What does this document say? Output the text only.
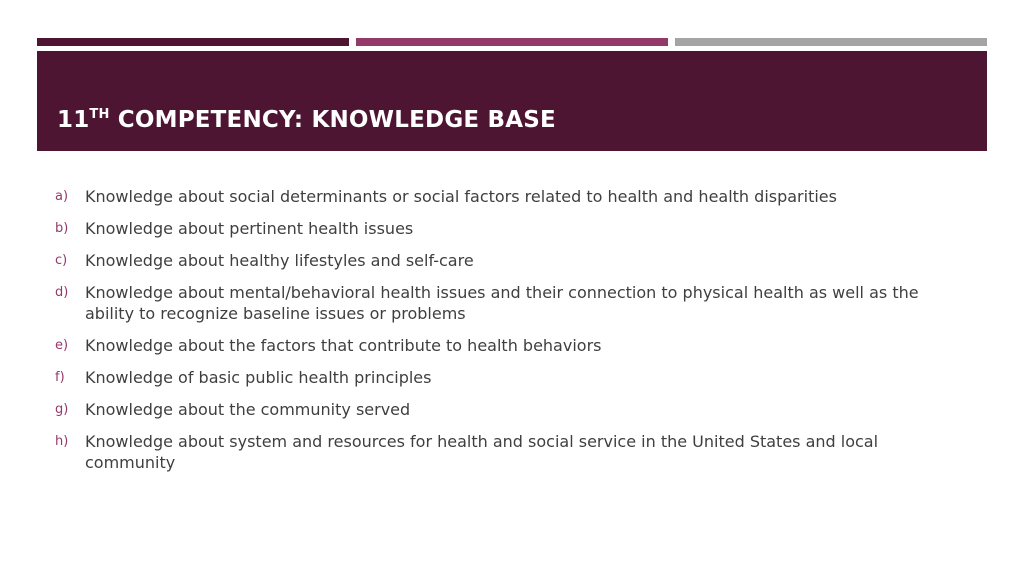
11TH COMPETENCY: KNOWLEDGE BASE
a)	Knowledge about social determinants or social factors related to health and health disparities
b)	Knowledge about pertinent health issues
c)	Knowledge about healthy lifestyles and self-care
d)	Knowledge about mental/behavioral health issues and their connection to physical health as well as the ability to recognize baseline issues or problems
e)	Knowledge about the factors that contribute to health behaviors
f)	Knowledge of basic public health principles
g)	Knowledge about the community served
h)	Knowledge about system and resources for health and social service in the United States and local community
